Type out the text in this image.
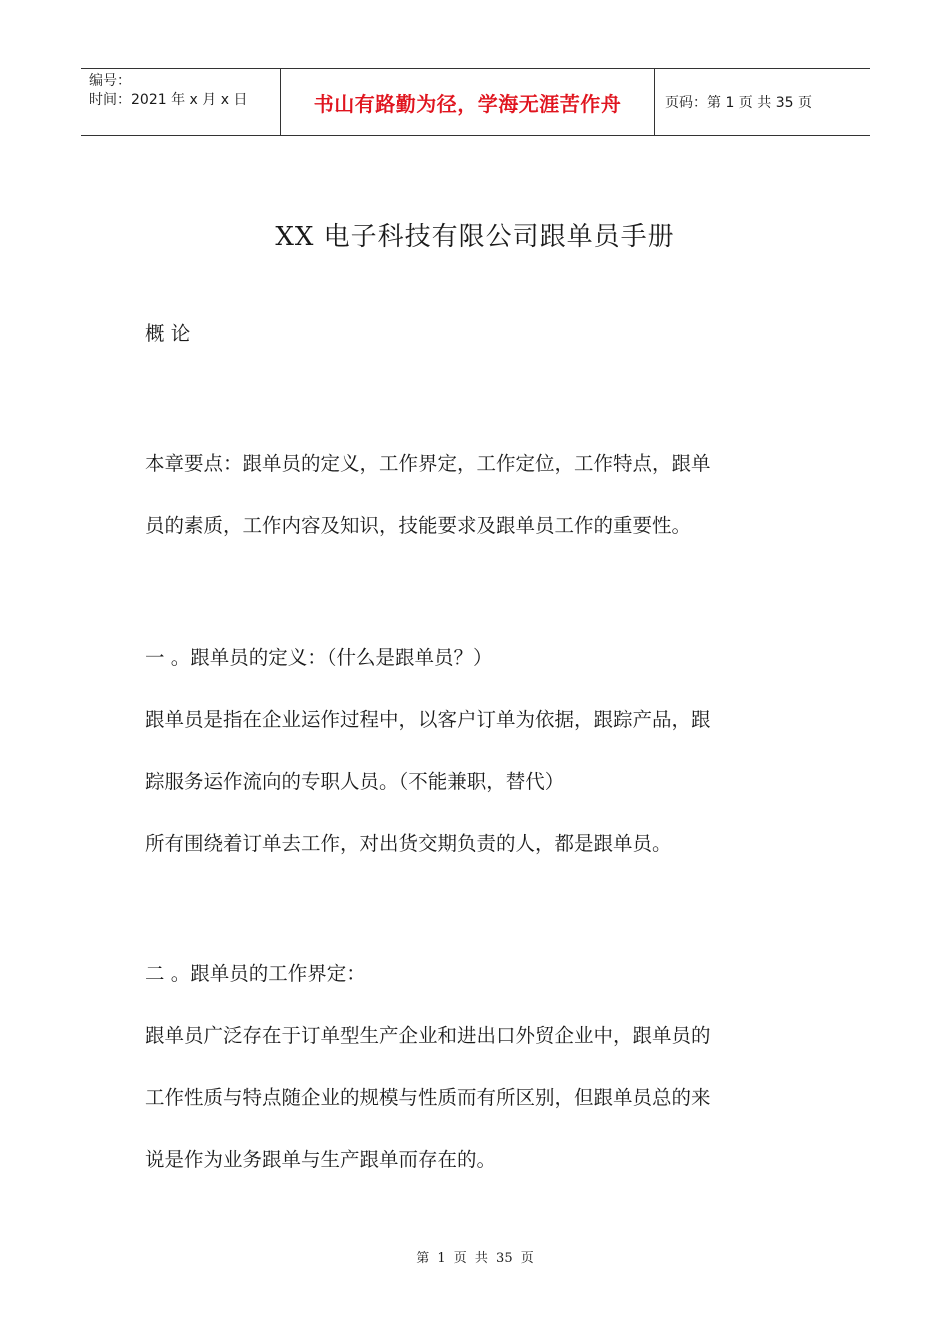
编号：
时间：2021 年 x 月 x 日	书山有路勤为径，学海无涯苦作舟	页码：第 1 页 共 35 页
XX 电子科技有限公司跟单员手册
概 论
本章要点：跟单员的定义，工作界定，工作定位，工作特点，跟单
员的素质，工作内容及知识，技能要求及跟单员工作的重要性。
一 。跟单员的定义：（什么是跟单员？）
跟单员是指在企业运作过程中，以客户订单为依据，跟踪产品，跟
踪服务运作流向的专职人员。（不能兼职，替代）
所有围绕着订单去工作，对出货交期负责的人，都是跟单员。
二 。跟单员的工作界定：
跟单员广泛存在于订单型生产企业和进出口外贸企业中，跟单员的
工作性质与特点随企业的规模与性质而有所区别，但跟单员总的来
说是作为业务跟单与生产跟单而存在的。
第 1 页 共 35 页
